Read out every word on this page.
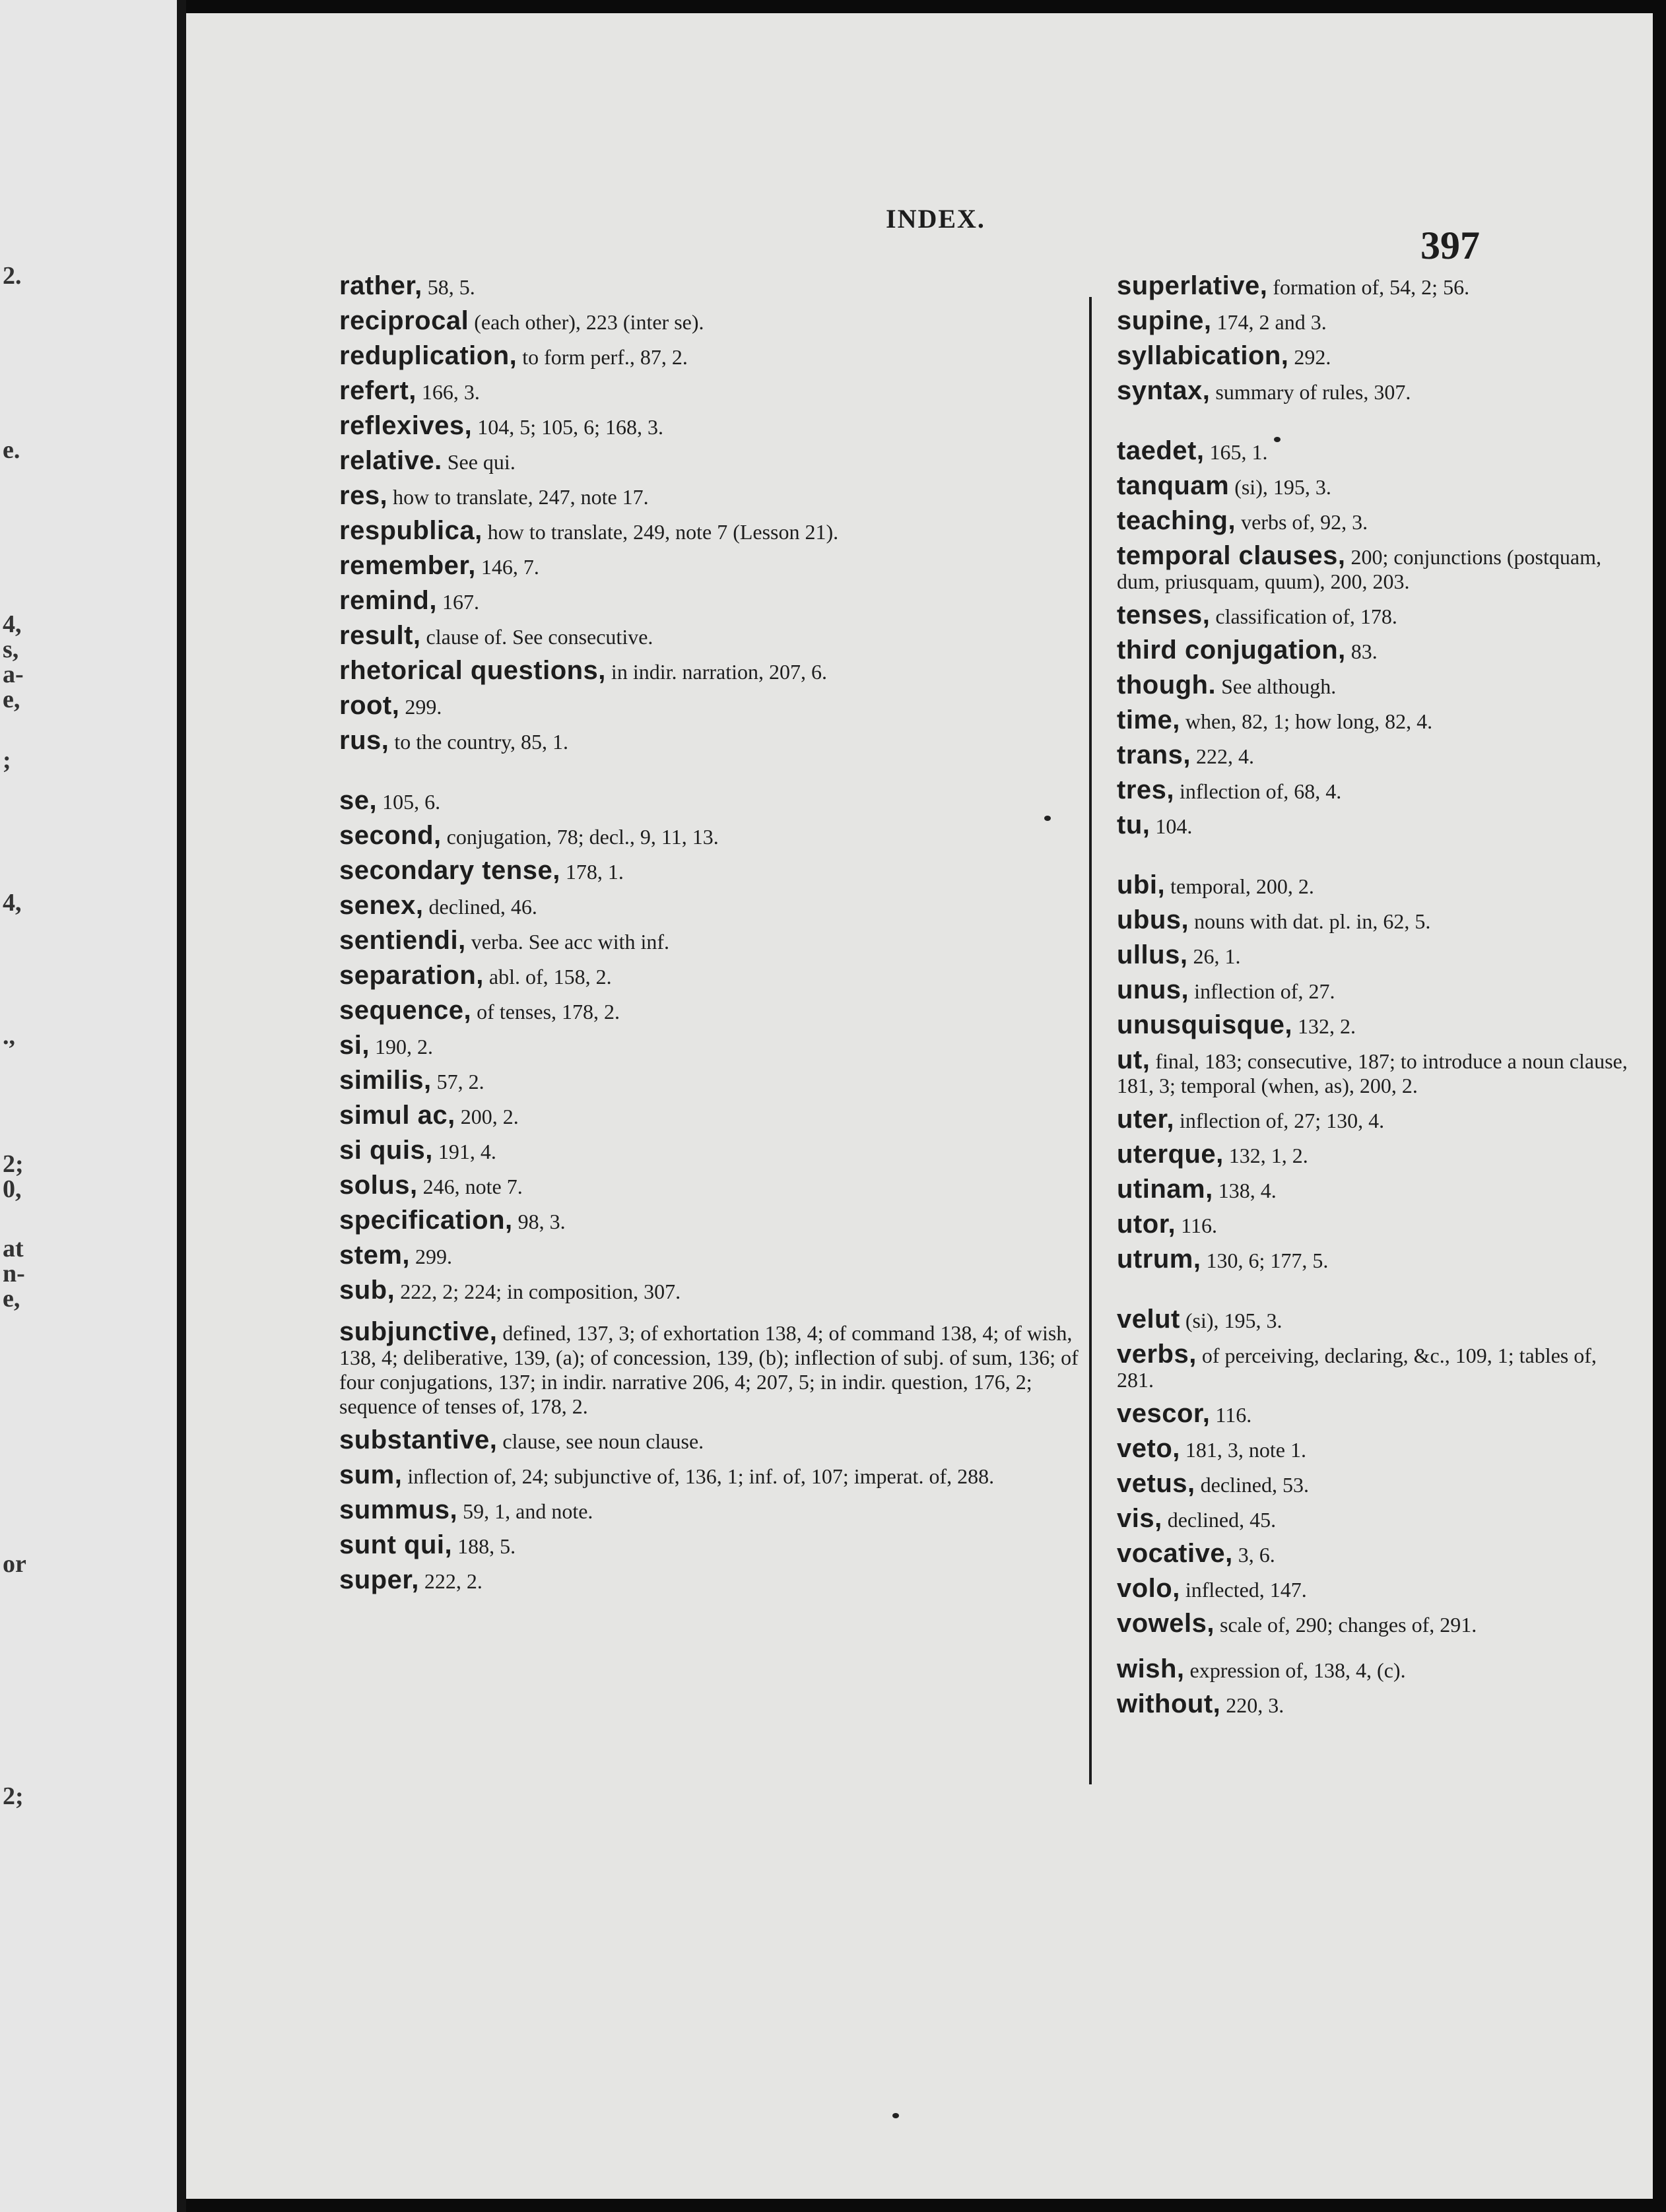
2.
e.
4,
s,
a-
e,
;
4,
.,
2;
0,
at
n-
e,
or
2;
INDEX.
397

rather, 58, 5.

reciprocal (each other), 223 (inter se).

reduplication, to form perf., 87, 2.

refert, 166, 3.

reflexives, 104, 5; 105, 6; 168, 3.

relative. See qui.

res, how to translate, 247, note 17.

respublica, how to translate, 249, note 7 (Lesson 21).

remember, 146, 7.

remind, 167.

result, clause of. See consecutive.

rhetorical questions, in indir. narration, 207, 6.

root, 299.

rus, to the country, 85, 1.

se, 105, 6.

second, conjugation, 78; decl., 9, 11, 13.

secondary tense, 178, 1.

senex, declined, 46.

sentiendi, verba. See acc with inf.

separation, abl. of, 158, 2.

sequence, of tenses, 178, 2.

si, 190, 2.

similis, 57, 2.

simul ac, 200, 2.

si quis, 191, 4.

solus, 246, note 7.

specification, 98, 3.

stem, 299.

sub, 222, 2; 224; in composition, 307.

subjunctive, defined, 137, 3; of exhortation 138, 4; of command 138, 4; of wish, 138, 4; deliberative, 139, (a); of concession, 139, (b); inflection of subj. of sum, 136; of four conjugations, 137; in indir. narrative 206, 4; 207, 5; in indir. question, 176, 2; sequence of tenses of, 178, 2.

substantive, clause, see noun clause.

sum, inflection of, 24; subjunctive of, 136, 1; inf. of, 107; imperat. of, 288.

summus, 59, 1, and note.

sunt qui, 188, 5.

super, 222, 2.

superlative, formation of, 54, 2; 56.

supine, 174, 2 and 3.

syllabication, 292.

syntax, summary of rules, 307.

taedet, 165, 1.

tanquam (si), 195, 3.

teaching, verbs of, 92, 3.

temporal clauses, 200; conjunctions (postquam, dum, priusquam, quum), 200, 203.

tenses, classification of, 178.

third conjugation, 83.

though. See although.

time, when, 82, 1; how long, 82, 4.

trans, 222, 4.

tres, inflection of, 68, 4.

tu, 104.

ubi, temporal, 200, 2.

ubus, nouns with dat. pl. in, 62, 5.

ullus, 26, 1.

unus, inflection of, 27.

unusquisque, 132, 2.

ut, final, 183; consecutive, 187; to introduce a noun clause, 181, 3; temporal (when, as), 200, 2.

uter, inflection of, 27; 130, 4.

uterque, 132, 1, 2.

utinam, 138, 4.

utor, 116.

utrum, 130, 6; 177, 5.

velut (si), 195, 3.

verbs, of perceiving, declaring, &c., 109, 1; tables of, 281.

vescor, 116.

veto, 181, 3, note 1.

vetus, declined, 53.

vis, declined, 45.

vocative, 3, 6.

volo, inflected, 147.

vowels, scale of, 290; changes of, 291.

wish, expression of, 138, 4, (c).

without, 220, 3.
